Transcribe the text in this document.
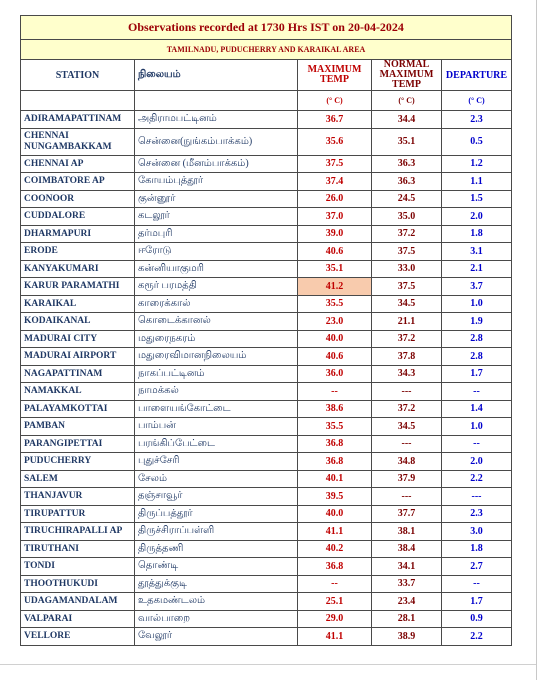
Observations recorded at 1730 Hrs IST on 20-04-2024				
TAMILNADU, PUDUCHERRY AND KARAIKAL AREA				
STATION	நிலையம்	MAXIMUM TEMP	NORMAL MAXIMUM TEMP	DEPARTURE
		(° C)	(° C)	(° C)
ADIRAMAPATTINAM	அதிராமபட்டினம்	36.7	34.4	2.3
CHENNAI NUNGAMBAKKAM	சென்னை(நுங்கம்பாக்கம்)	35.6	35.1	0.5
CHENNAI AP	சென்னை (மீனம்பாக்கம்)	37.5	36.3	1.2
COIMBATORE AP	கோயம்புத்தூர்	37.4	36.3	1.1
COONOOR	குன்னூர்	26.0	24.5	1.5
CUDDALORE	கடலூர்	37.0	35.0	2.0
DHARMAPURI	தர்மபுரி	39.0	37.2	1.8
ERODE	ஈரோடு	40.6	37.5	3.1
KANYAKUMARI	கன்னியாகுமரி	35.1	33.0	2.1
KARUR PARAMATHI	கரூர் பரமத்தி	41.2	37.5	3.7
KARAIKAL	காரைக்கால்	35.5	34.5	1.0
KODAIKANAL	கொடைக்கானல்	23.0	21.1	1.9
MADURAI CITY	மதுரைநகரம்	40.0	37.2	2.8
MADURAI AIRPORT	மதுரைவிமானநிலையம்	40.6	37.8	2.8
NAGAPATTINAM	நாகப்பட்டினம்	36.0	34.3	1.7
NAMAKKAL	நாமக்கல்	--	---	--
PALAYAMKOTTAI	பாளையங்கோட்டை	38.6	37.2	1.4
PAMBAN	பாம்பன்	35.5	34.5	1.0
PARANGIPETTAI	பரங்கிப்பேட்டை	36.8	---	--
PUDUCHERRY	புதுச்சேரி	36.8	34.8	2.0
SALEM	சேலம்	40.1	37.9	2.2
THANJAVUR	தஞ்சாவூர்	39.5	---	---
TIRUPATTUR	திருப்பத்தூர்	40.0	37.7	2.3
TIRUCHIRAPALLI AP	திருச்சிராப்பள்ளி	41.1	38.1	3.0
TIRUTHANI	திருத்தணி	40.2	38.4	1.8
TONDI	தொண்டி	36.8	34.1	2.7
THOOTHUKUDI	தூத்துக்குடி	--	33.7	--
UDAGAMANDALAM	உதகமண்டலம்	25.1	23.4	1.7
VALPARAI	வால்பாறை	29.0	28.1	0.9
VELLORE	வேலூர்	41.1	38.9	2.2
